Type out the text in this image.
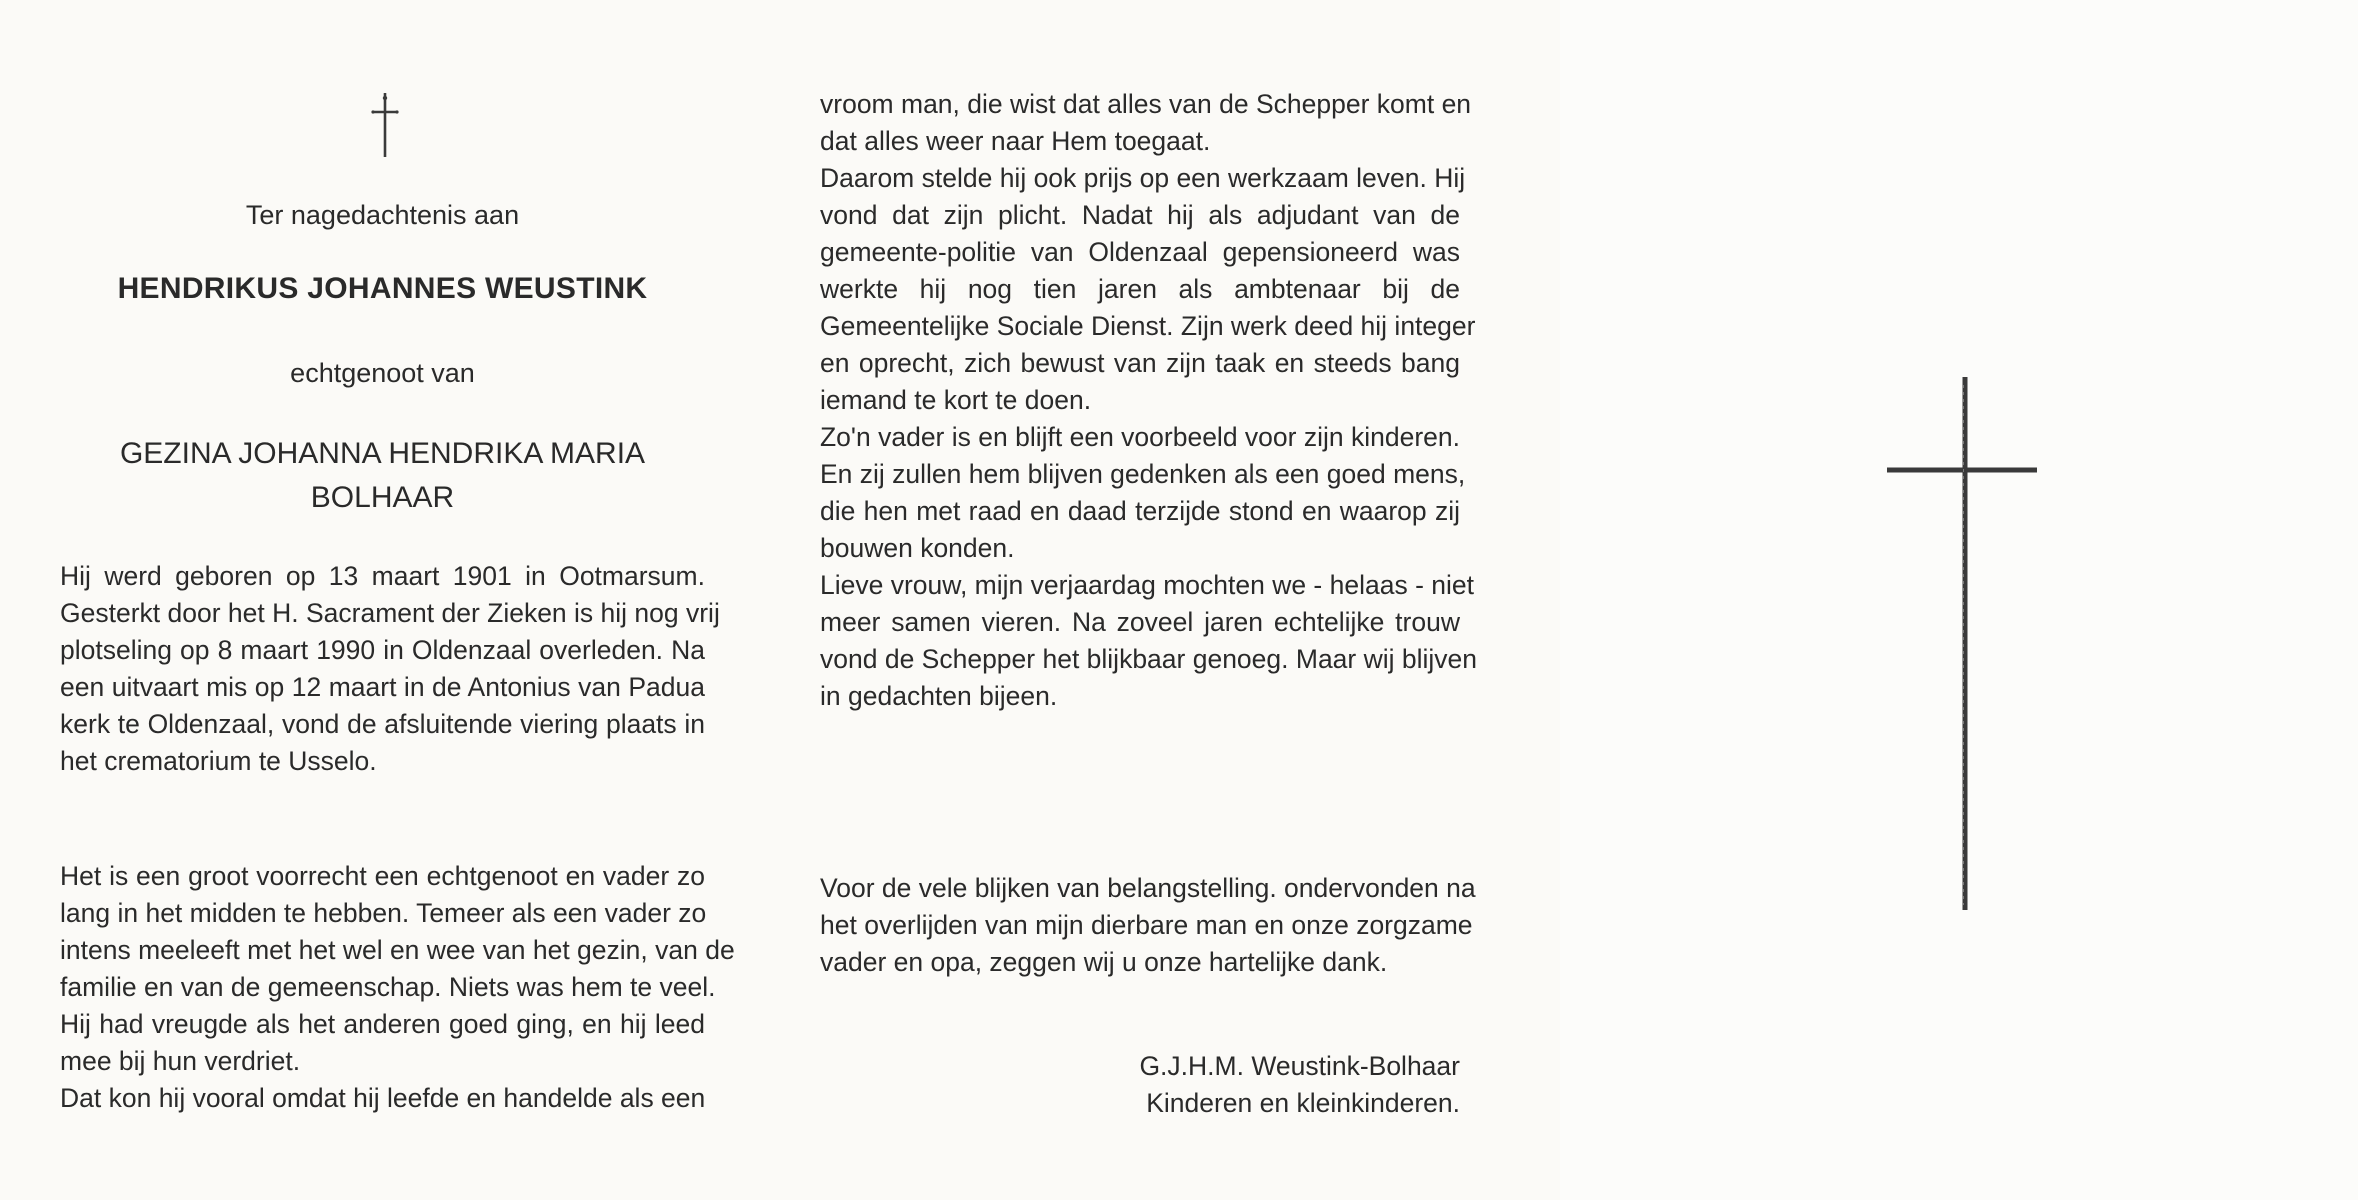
Ter nagedachtenis aan
HENDRIKUS JOHANNES WEUSTINK
echtgenoot van
GEZINA JOHANNA HENDRIKA MARIA
BOLHAAR
Hij werd geboren op 13 maart 1901 in Ootmarsum.
Gesterkt door het H. Sacrament der Zieken is hij nog vrij
plotseling op 8 maart 1990 in Oldenzaal overleden. Na
een uitvaart mis op 12 maart in de Antonius van Padua
kerk te Oldenzaal, vond de afsluitende viering plaats in
het crematorium te Usselo.
Het is een groot voorrecht een echtgenoot en vader zo
lang in het midden te hebben. Temeer als een vader zo
intens meeleeft met het wel en wee van het gezin, van de
familie en van de gemeenschap. Niets was hem te veel.
Hij had vreugde als het anderen goed ging, en hij leed
mee bij hun verdriet.
Dat kon hij vooral omdat hij leefde en handelde als een
vroom man, die wist dat alles van de Schepper komt en
dat alles weer naar Hem toegaat.
Daarom stelde hij ook prijs op een werkzaam leven. Hij
vond dat zijn plicht. Nadat hij als adjudant van de
gemeente-politie van Oldenzaal gepensioneerd was
werkte hij nog tien jaren als ambtenaar bij de
Gemeentelijke Sociale Dienst. Zijn werk deed hij integer
en oprecht, zich bewust van zijn taak en steeds bang
iemand te kort te doen.
Zo'n vader is en blijft een voorbeeld voor zijn kinderen.
En zij zullen hem blijven gedenken als een goed mens,
die hen met raad en daad terzijde stond en waarop zij
bouwen konden.
Lieve vrouw, mijn verjaardag mochten we - helaas - niet
meer samen vieren. Na zoveel jaren echtelijke trouw
vond de Schepper het blijkbaar genoeg. Maar wij blijven
in gedachten bijeen.
Voor de vele blijken van belangstelling. ondervonden na
het overlijden van mijn dierbare man en onze zorgzame
vader en opa, zeggen wij u onze hartelijke dank.
G.J.H.M. Weustink-Bolhaar
Kinderen en kleinkinderen.
